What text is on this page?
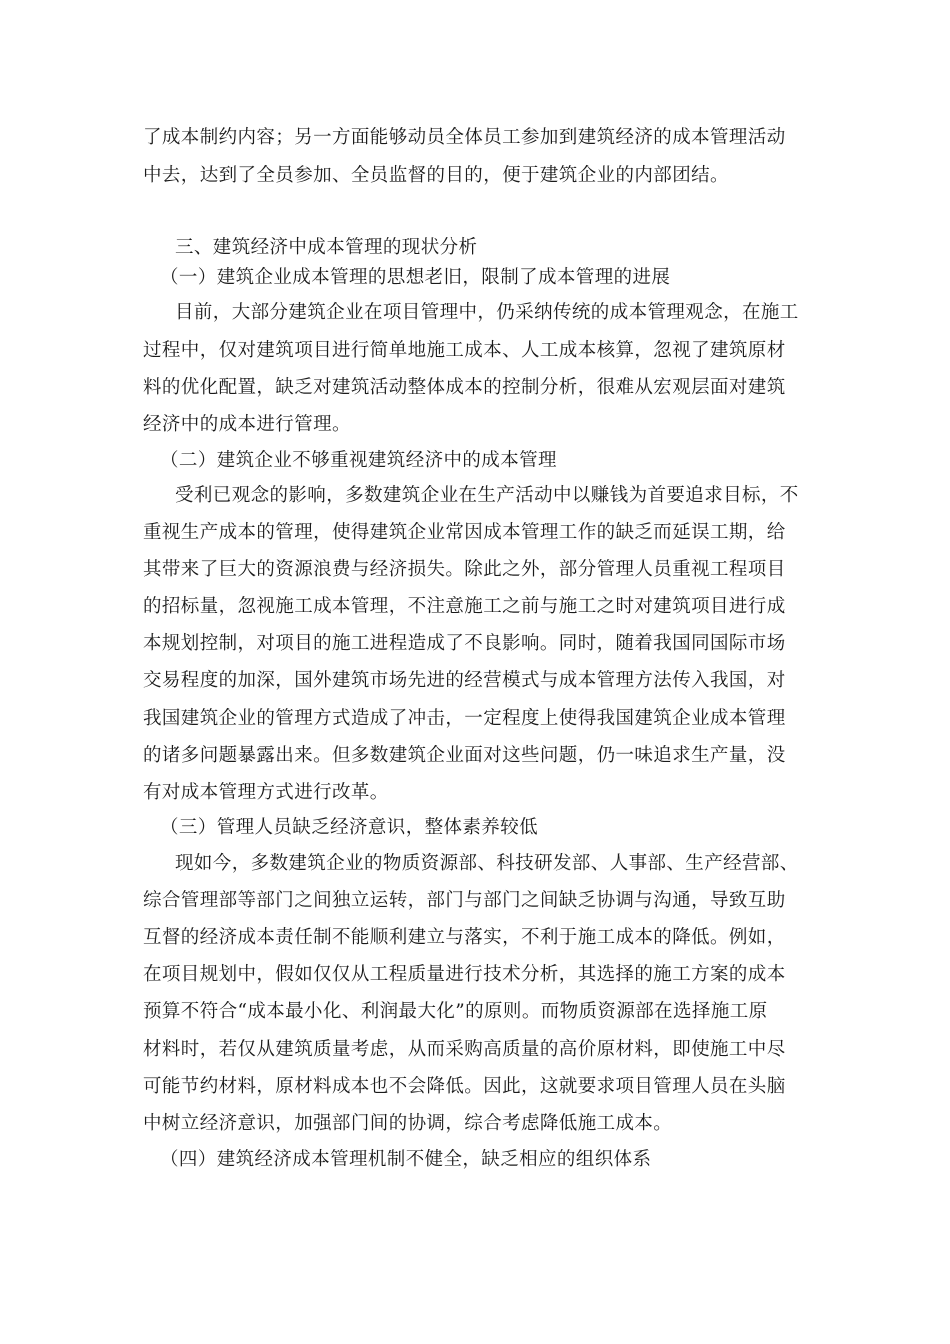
了成本制约内容；另一方面能够动员全体员工参加到建筑经济的成本管理活动
中去，达到了全员参加、全员监督的目的，便于建筑企业的内部团结。
三、建筑经济中成本管理的现状分析
（一）建筑企业成本管理的思想老旧，限制了成本管理的进展
目前，大部分建筑企业在项目管理中，仍采纳传统的成本管理观念，在施工
过程中，仅对建筑项目进行简单地施工成本、人工成本核算，忽视了建筑原材
料的优化配置，缺乏对建筑活动整体成本的控制分析，很难从宏观层面对建筑
经济中的成本进行管理。
（二）建筑企业不够重视建筑经济中的成本管理
受利已观念的影响，多数建筑企业在生产活动中以赚钱为首要追求目标，不
重视生产成本的管理，使得建筑企业常因成本管理工作的缺乏而延误工期，给
其带来了巨大的资源浪费与经济损失。除此之外，部分管理人员重视工程项目
的招标量，忽视施工成本管理，不注意施工之前与施工之时对建筑项目进行成
本规划控制，对项目的施工进程造成了不良影响。同时，随着我国同国际市场
交易程度的加深，国外建筑市场先进的经营模式与成本管理方法传入我国，对
我国建筑企业的管理方式造成了冲击，一定程度上使得我国建筑企业成本管理
的诸多问题暴露出来。但多数建筑企业面对这些问题，仍一味追求生产量，没
有对成本管理方式进行改革。
（三）管理人员缺乏经济意识，整体素养较低
现如今，多数建筑企业的物质资源部、科技研发部、人事部、生产经营部、
综合管理部等部门之间独立运转，部门与部门之间缺乏协调与沟通，导致互助
互督的经济成本责任制不能顺利建立与落实，不利于施工成本的降低。例如，
在项目规划中，假如仅仅从工程质量进行技术分析，其选择的施工方案的成本
预算不符合“成本最小化、利润最大化”的原则。而物质资源部在选择施工原
材料时，若仅从建筑质量考虑，从而采购高质量的高价原材料，即使施工中尽
可能节约材料，原材料成本也不会降低。因此，这就要求项目管理人员在头脑
中树立经济意识，加强部门间的协调，综合考虑降低施工成本。
（四）建筑经济成本管理机制不健全，缺乏相应的组织体系
